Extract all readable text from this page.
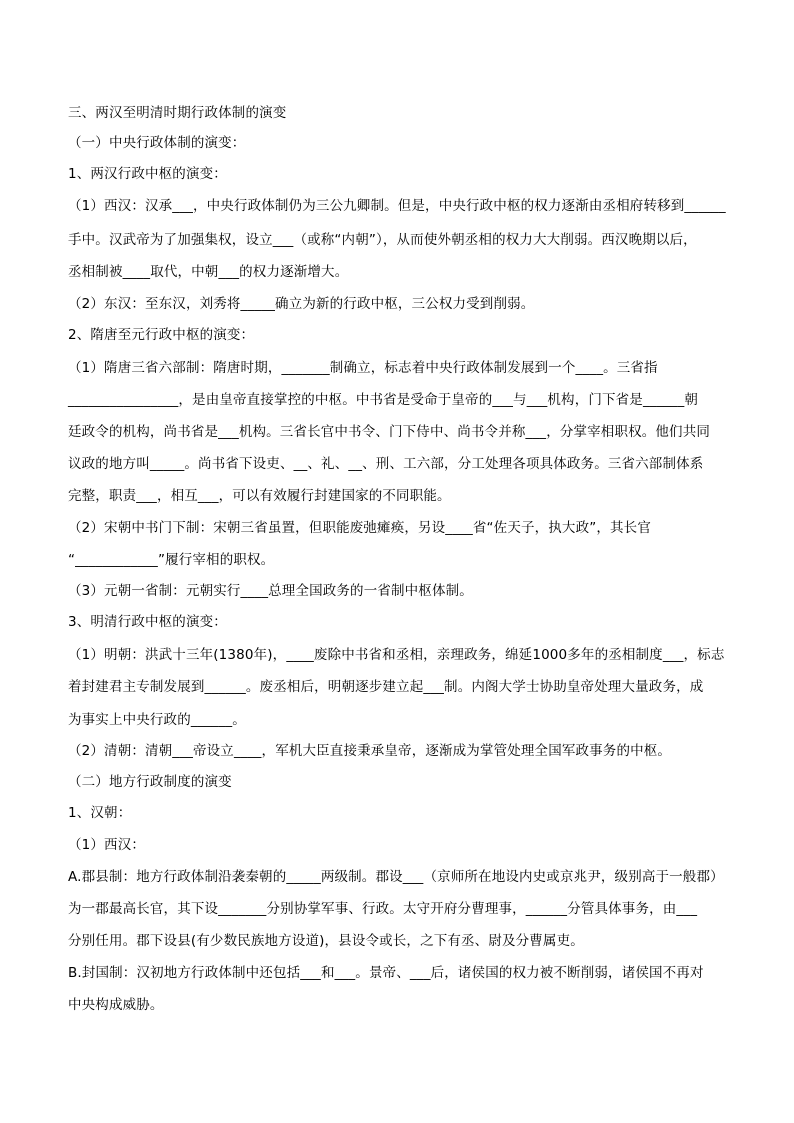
三、两汉至明清时期行政体制的演变
（一）中央行政体制的演变：
1、两汉行政中枢的演变：
（1）西汉：汉承___，中央行政体制仍为三公九卿制。但是，中央行政中枢的权力逐渐由丞相府转移到______
手中。汉武帝为了加强集权，设立___（或称“内朝”），从而使外朝丞相的权力大大削弱。西汉晚期以后，
丞相制被____取代，中朝___的权力逐渐增大。
（2）东汉：至东汉，刘秀将_____确立为新的行政中枢，三公权力受到削弱。
2、隋唐至元行政中枢的演变：
（1）隋唐三省六部制：隋唐时期，_______制确立，标志着中央行政体制发展到一个____。三省指
________________，是由皇帝直接掌控的中枢。中书省是受命于皇帝的___与___机构，门下省是______朝
廷政令的机构，尚书省是___机构。三省长官中书令、门下侍中、尚书令并称___，分掌宰相职权。他们共同
议政的地方叫_____。尚书省下设吏、__、礼、__、刑、工六部，分工处理各项具体政务。三省六部制体系
完整，职责___，相互___，可以有效履行封建国家的不同职能。
（2）宋朝中书门下制：宋朝三省虽置，但职能废弛瘫痪，另设____省“佐天子，执大政”，其长官
“____________”履行宰相的职权。
（3）元朝一省制：元朝实行____总理全国政务的一省制中枢体制。
3、明清行政中枢的演变：
（1）明朝：洪武十三年(1380年)，____废除中书省和丞相，亲理政务，绵延1000多年的丞相制度___，标志
着封建君主专制发展到______。废丞相后，明朝逐步建立起___制。内阁大学士协助皇帝处理大量政务，成
为事实上中央行政的______。
（2）清朝：清朝___帝设立____，军机大臣直接秉承皇帝，逐渐成为掌管处理全国军政事务的中枢。
（二）地方行政制度的演变
1、汉朝：
（1）西汉：
A.郡县制：地方行政体制沿袭秦朝的_____两级制。郡设___（京师所在地设内史或京兆尹，级别高于一般郡）
为一郡最高长官，其下设_______分别协掌军事、行政。太守开府分曹理事，______分管具体事务，由___
分别任用。郡下设县(有少数民族地方设道)，县设令或长，之下有丞、尉及分曹属吏。
B.封国制：汉初地方行政体制中还包括___和___。景帝、___后，诸侯国的权力被不断削弱，诸侯国不再对
中央构成威胁。
